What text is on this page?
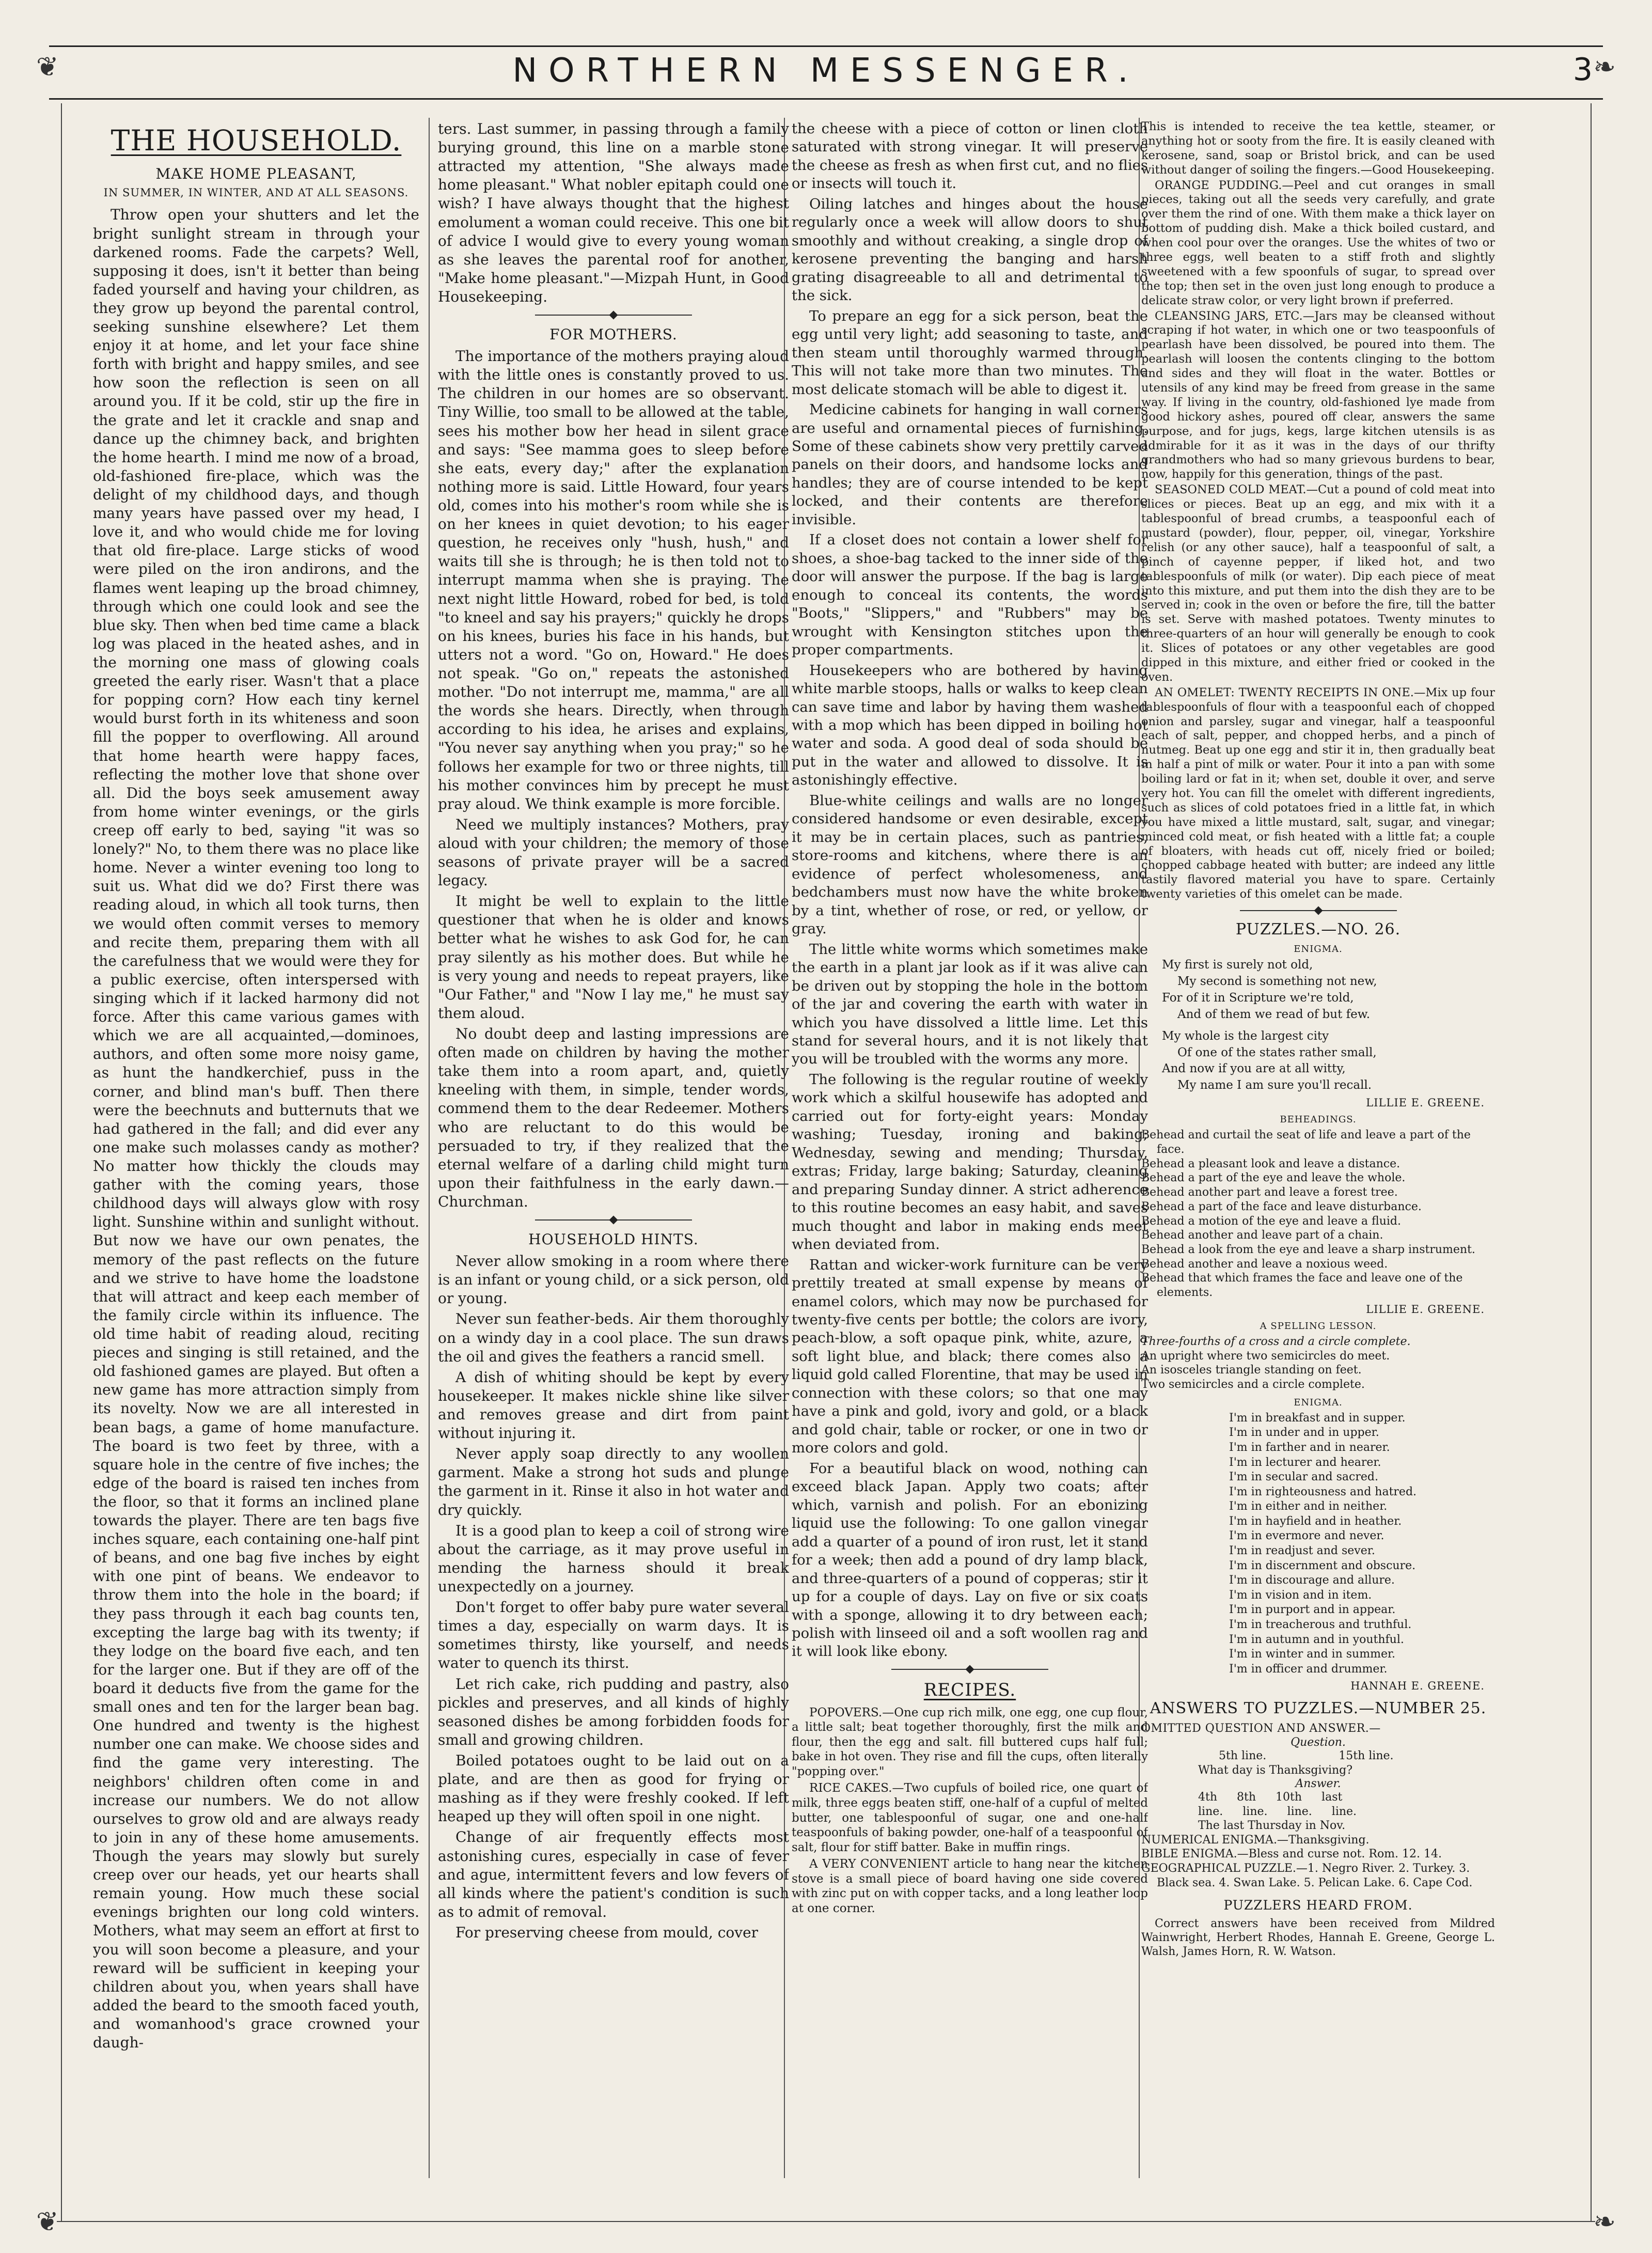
NORTHERN MESSENGER.	3
❦	❧
❦	❧
THE HOUSEHOLD.
MAKE HOME PLEASANT,
IN SUMMER, IN WINTER, AND AT ALL SEASONS.

Throw open your shutters and let the bright sunlight stream in through your darkened rooms. Fade the carpets? Well, supposing it does, isn't it better than being faded yourself and having your children, as they grow up beyond the parental control, seeking sunshine elsewhere? Let them enjoy it at home, and let your face shine forth with bright and happy smiles, and see how soon the reflection is seen on all around you. If it be cold, stir up the fire in the grate and let it crackle and snap and dance up the chimney back, and brighten the home hearth. I mind me now of a broad, old-fashioned fire-place, which was the delight of my childhood days, and though many years have passed over my head, I love it, and who would chide me for loving that old fire-place. Large sticks of wood were piled on the iron andirons, and the flames went leaping up the broad chimney, through which one could look and see the blue sky. Then when bed time came a black log was placed in the heated ashes, and in the morning one mass of glowing coals greeted the early riser. Wasn't that a place for popping corn? How each tiny kernel would burst forth in its whiteness and soon fill the popper to overflowing. All around that home hearth were happy faces, reflecting the mother love that shone over all. Did the boys seek amusement away from home winter evenings, or the girls creep off early to bed, saying "it was so lonely?" No, to them there was no place like home. Never a winter evening too long to suit us. What did we do? First there was reading aloud, in which all took turns, then we would often commit verses to memory and recite them, preparing them with all the carefulness that we would were they for a public exercise, often interspersed with singing which if it lacked harmony did not force. After this came various games with which we are all acquainted,—dominoes, authors, and often some more noisy game, as hunt the handkerchief, puss in the corner, and blind man's buff. Then there were the beechnuts and butternuts that we had gathered in the fall; and did ever any one make such molasses candy as mother? No matter how thickly the clouds may gather with the coming years, those childhood days will always glow with rosy light. Sunshine within and sunlight without. But now we have our own penates, the memory of the past reflects on the future and we strive to have home the loadstone that will attract and keep each member of the family circle within its influence. The old time habit of reading aloud, reciting pieces and singing is still retained, and the old fashioned games are played. But often a new game has more attraction simply from its novelty. Now we are all interested in bean bags, a game of home manufacture. The board is two feet by three, with a square hole in the centre of five inches; the edge of the board is raised ten inches from the floor, so that it forms an inclined plane towards the player. There are ten bags five inches square, each containing one-half pint of beans, and one bag five inches by eight with one pint of beans. We endeavor to throw them into the hole in the board; if they pass through it each bag counts ten, excepting the large bag with its twenty; if they lodge on the board five each, and ten for the larger one. But if they are off of the board it deducts five from the game for the small ones and ten for the larger bean bag. One hundred and twenty is the highest number one can make. We choose sides and find the game very interesting. The neighbors' children often come in and increase our numbers. We do not allow ourselves to grow old and are always ready to join in any of these home amusements. Though the years may slowly but surely creep over our heads, yet our hearts shall remain young. How much these social evenings brighten our long cold winters. Mothers, what may seem an effort at first to you will soon become a pleasure, and your reward will be sufficient in keeping your children about you, when years shall have added the beard to the smooth faced youth, and womanhood's grace crowned your daugh-

ters. Last summer, in passing through a family burying ground, this line on a marble stone attracted my attention, "She always made home pleasant." What nobler epitaph could one wish? I have always thought that the highest emolument a woman could receive. This one bit of advice I would give to every young woman as she leaves the parental roof for another, "Make home pleasant."—Mizpah Hunt, in Good Housekeeping.

FOR MOTHERS.

The importance of the mothers praying aloud with the little ones is constantly proved to us. The children in our homes are so observant. Tiny Willie, too small to be allowed at the table, sees his mother bow her head in silent grace and says: "See mamma goes to sleep before she eats, every day;" after the explanation nothing more is said. Little Howard, four years old, comes into his mother's room while she is on her knees in quiet devotion; to his eager question, he receives only "hush, hush," and waits till she is through; he is then told not to interrupt mamma when she is praying. The next night little Howard, robed for bed, is told "to kneel and say his prayers;" quickly he drops on his knees, buries his face in his hands, but utters not a word. "Go on, Howard." He does not speak. "Go on," repeats the astonished mother. "Do not interrupt me, mamma," are all the words she hears. Directly, when through according to his idea, he arises and explains, "You never say anything when you pray;" so he follows her example for two or three nights, till his mother convinces him by precept he must pray aloud. We think example is more forcible.

Need we multiply instances? Mothers, pray aloud with your children; the memory of those seasons of private prayer will be a sacred legacy.

It might be well to explain to the little questioner that when he is older and knows better what he wishes to ask God for, he can pray silently as his mother does. But while he is very young and needs to repeat prayers, like "Our Father," and "Now I lay me," he must say them aloud.

No doubt deep and lasting impressions are often made on children by having the mother take them into a room apart, and, quietly kneeling with them, in simple, tender words, commend them to the dear Redeemer. Mothers who are reluctant to do this would be persuaded to try, if they realized that the eternal welfare of a darling child might turn upon their faithfulness in the early dawn.—Churchman.

HOUSEHOLD HINTS.

Never allow smoking in a room where there is an infant or young child, or a sick person, old or young.

Never sun feather-beds. Air them thoroughly on a windy day in a cool place. The sun draws the oil and gives the feathers a rancid smell.

A dish of whiting should be kept by every housekeeper. It makes nickle shine like silver and removes grease and dirt from paint without injuring it.

Never apply soap directly to any woollen garment. Make a strong hot suds and plunge the garment in it. Rinse it also in hot water and dry quickly.

It is a good plan to keep a coil of strong wire about the carriage, as it may prove useful in mending the harness should it break unexpectedly on a journey.

Don't forget to offer baby pure water several times a day, especially on warm days. It is sometimes thirsty, like yourself, and needs water to quench its thirst.

Let rich cake, rich pudding and pastry, also pickles and preserves, and all kinds of highly seasoned dishes be among forbidden foods for small and growing children.

Boiled potatoes ought to be laid out on a plate, and are then as good for frying or mashing as if they were freshly cooked. If left heaped up they will often spoil in one night.

Change of air frequently effects most astonishing cures, especially in case of fever and ague, intermittent fevers and low fevers of all kinds where the patient's condition is such as to admit of removal.

For preserving cheese from mould, cover

the cheese with a piece of cotton or linen cloth saturated with strong vinegar. It will preserve the cheese as fresh as when first cut, and no flies or insects will touch it.

Oiling latches and hinges about the house regularly once a week will allow doors to shut smoothly and without creaking, a single drop of kerosene preventing the banging and harsh grating disagreeable to all and detrimental to the sick.

To prepare an egg for a sick person, beat the egg until very light; add seasoning to taste, and then steam until thoroughly warmed through. This will not take more than two minutes. The most delicate stomach will be able to digest it.

Medicine cabinets for hanging in wall corners are useful and ornamental pieces of furnishing. Some of these cabinets show very prettily carved panels on their doors, and handsome locks and handles; they are of course intended to be kept locked, and their contents are therefore invisible.

If a closet does not contain a lower shelf for shoes, a shoe-bag tacked to the inner side of the door will answer the purpose. If the bag is large enough to conceal its contents, the words "Boots," "Slippers," and "Rubbers" may be wrought with Kensington stitches upon the proper compartments.

Housekeepers who are bothered by having white marble stoops, halls or walks to keep clean can save time and labor by having them washed with a mop which has been dipped in boiling hot water and soda. A good deal of soda should be put in the water and allowed to dissolve. It is astonishingly effective.

Blue-white ceilings and walls are no longer considered handsome or even desirable, except it may be in certain places, such as pantries, store-rooms and kitchens, where there is an evidence of perfect wholesomeness, and bedchambers must now have the white broken by a tint, whether of rose, or red, or yellow, or gray.

The little white worms which sometimes make the earth in a plant jar look as if it was alive can be driven out by stopping the hole in the bottom of the jar and covering the earth with water in which you have dissolved a little lime. Let this stand for several hours, and it is not likely that you will be troubled with the worms any more.

The following is the regular routine of weekly work which a skilful housewife has adopted and carried out for forty-eight years: Monday washing; Tuesday, ironing and baking; Wednesday, sewing and mending; Thursday, extras; Friday, large baking; Saturday, cleaning and preparing Sunday dinner. A strict adherence to this routine becomes an easy habit, and saves much thought and labor in making ends meet when deviated from.

Rattan and wicker-work furniture can be very prettily treated at small expense by means of enamel colors, which may now be purchased for twenty-five cents per bottle; the colors are ivory, peach-blow, a soft opaque pink, white, azure, a soft light blue, and black; there comes also a liquid gold called Florentine, that may be used in connection with these colors; so that one may have a pink and gold, ivory and gold, or a black and gold chair, table or rocker, or one in two or more colors and gold.

For a beautiful black on wood, nothing can exceed black Japan. Apply two coats; after which, varnish and polish. For an ebonizing liquid use the following: To one gallon vinegar add a quarter of a pound of iron rust, let it stand for a week; then add a pound of dry lamp black, and three-quarters of a pound of copperas; stir it up for a couple of days. Lay on five or six coats with a sponge, allowing it to dry between each; polish with linseed oil and a soft woollen rag and it will look like ebony.

RECIPES.

POPOVERS.—One cup rich milk, one egg, one cup flour, a little salt; beat together thoroughly, first the milk and flour, then the egg and salt. fill buttered cups half full; bake in hot oven. They rise and fill the cups, often literally "popping over."

RICE CAKES.—Two cupfuls of boiled rice, one quart of milk, three eggs beaten stiff, one-half of a cupful of melted butter, one tablespoonful of sugar, one and one-half teaspoonfuls of baking powder, one-half of a teaspoonful of salt, flour for stiff batter. Bake in muffin rings.

A VERY CONVENIENT article to hang near the kitchen stove is a small piece of board having one side covered with zinc put on with copper tacks, and a long leather loop at one corner.

This is intended to receive the tea kettle, steamer, or anything hot or sooty from the fire. It is easily cleaned with kerosene, sand, soap or Bristol brick, and can be used without danger of soiling the fingers.—Good Housekeeping.

ORANGE PUDDING.—Peel and cut oranges in small pieces, taking out all the seeds very carefully, and grate over them the rind of one. With them make a thick layer on bottom of pudding dish. Make a thick boiled custard, and when cool pour over the oranges. Use the whites of two or three eggs, well beaten to a stiff froth and slightly sweetened with a few spoonfuls of sugar, to spread over the top; then set in the oven just long enough to produce a delicate straw color, or very light brown if preferred.

CLEANSING JARS, ETC.—Jars may be cleansed without scraping if hot water, in which one or two teaspoonfuls of pearlash have been dissolved, be poured into them. The pearlash will loosen the contents clinging to the bottom and sides and they will float in the water. Bottles or utensils of any kind may be freed from grease in the same way. If living in the country, old-fashioned lye made from good hickory ashes, poured off clear, answers the same purpose, and for jugs, kegs, large kitchen utensils is as admirable for it as it was in the days of our thrifty grandmothers who had so many grievous burdens to bear, now, happily for this generation, things of the past.

SEASONED COLD MEAT.—Cut a pound of cold meat into slices or pieces. Beat up an egg, and mix with it a tablespoonful of bread crumbs, a teaspoonful each of mustard (powder), flour, pepper, oil, vinegar, Yorkshire relish (or any other sauce), half a teaspoonful of salt, a pinch of cayenne pepper, if liked hot, and two tablespoonfuls of milk (or water). Dip each piece of meat into this mixture, and put them into the dish they are to be served in; cook in the oven or before the fire, till the batter is set. Serve with mashed potatoes. Twenty minutes to three-quarters of an hour will generally be enough to cook it. Slices of potatoes or any other vegetables are good dipped in this mixture, and either fried or cooked in the oven.

AN OMELET: TWENTY RECEIPTS IN ONE.—Mix up four tablespoonfuls of flour with a teaspoonful each of chopped onion and parsley, sugar and vinegar, half a teaspoonful each of salt, pepper, and chopped herbs, and a pinch of nutmeg. Beat up one egg and stir it in, then gradually beat in half a pint of milk or water. Pour it into a pan with some boiling lard or fat in it; when set, double it over, and serve very hot. You can fill the omelet with different ingredients, such as slices of cold potatoes fried in a little fat, in which you have mixed a little mustard, salt, sugar, and vinegar; minced cold meat, or fish heated with a little fat; a couple of bloaters, with heads cut off, nicely fried or boiled; chopped cabbage heated with butter; are indeed any little tastily flavored material you have to spare. Certainly twenty varieties of this omelet can be made.

PUZZLES.—NO. 26.
ENIGMA.
My first is surely not old,
My second is something not new,
For of it in Scripture we're told,
And of them we read of but few.
My whole is the largest city
Of one of the states rather small,
And now if you are at all witty,
My name I am sure you'll recall.
LILLIE E. GREENE.
BEHEADINGS.
Behead and curtail the seat of life and leave a part of the face.
Behead a pleasant look and leave a distance.
Behead a part of the eye and leave the whole.
Behead another part and leave a forest tree.
Behead a part of the face and leave disturbance.
Behead a motion of the eye and leave a fluid.
Behead another and leave part of a chain.
Behead a look from the eye and leave a sharp instrument.
Behead another and leave a noxious weed.
Behead that which frames the face and leave one of the elements.
LILLIE E. GREENE.
A SPELLING LESSON.
Three-fourths of a cross and a circle complete.
An upright where two semicircles do meet.
An isosceles triangle standing on feet.
Two semicircles and a circle complete.
ENIGMA.
I'm in breakfast and in supper.
I'm in under and in upper.
I'm in farther and in nearer.
I'm in lecturer and hearer.
I'm in secular and sacred.
I'm in righteousness and hatred.
I'm in either and in neither.
I'm in hayfield and in heather.
I'm in evermore and never.
I'm in readjust and sever.
I'm in discernment and obscure.
I'm in discourage and allure.
I'm in vision and in item.
I'm in purport and in appear.
I'm in treacherous and truthful.
I'm in autumn and in youthful.
I'm in winter and in summer.
I'm in officer and drummer.
HANNAH E. GREENE.
ANSWERS TO PUZZLES.—NUMBER 25.
OMITTED QUESTION AND ANSWER.—
Question.
5th line.	15th line.
What day is Thanksgiving?
Answer.
4th 8th 10th last
line. line. line. line.
The last Thursday in Nov.
NUMERICAL ENIGMA.—Thanksgiving.
BIBLE ENIGMA.—Bless and curse not. Rom. 12. 14.
GEOGRAPHICAL PUZZLE.—1. Negro River. 2. Turkey. 3. Black sea. 4. Swan Lake. 5. Pelican Lake. 6. Cape Cod.
PUZZLERS HEARD FROM.

Correct answers have been received from Mildred Wainwright, Herbert Rhodes, Hannah E. Greene, George L. Walsh, James Horn, R. W. Watson.
